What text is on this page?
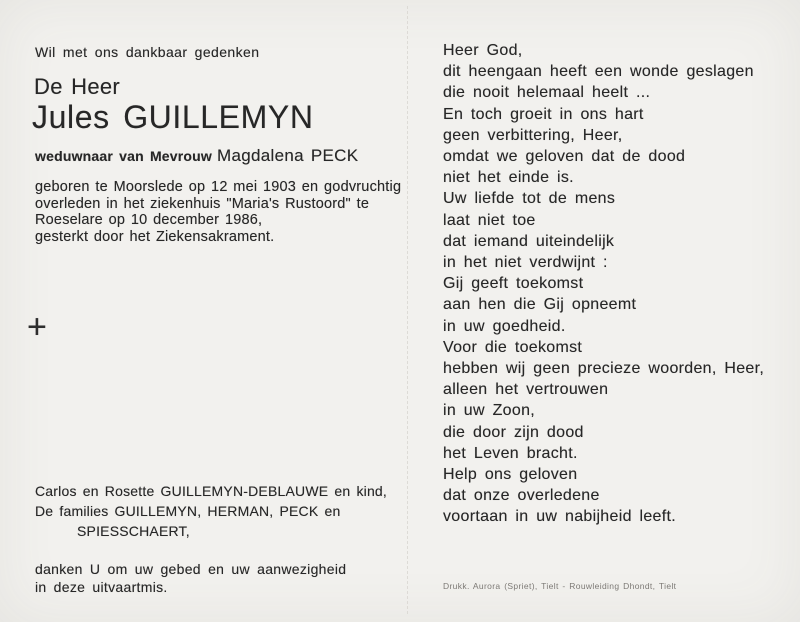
Wil met ons dankbaar gedenken
De Heer
Jules GUILLEMYN
weduwnaar van Mevrouw Magdalena PECK
geboren te Moorslede op 12 mei 1903 en godvruchtig
overleden in het ziekenhuis "Maria's Rustoord" te
Roeselare op 10 december 1986,
gesterkt door het Ziekensakrament.
+
Carlos en Rosette GUILLEMYN-DEBLAUWE en kind,
De families GUILLEMYN, HERMAN, PECK en
SPIESSCHAERT,
danken U om uw gebed en uw aanwezigheid
in deze uitvaartmis.
Heer God,
dit heengaan heeft een wonde geslagen
die nooit helemaal heelt ...
En toch groeit in ons hart
geen verbittering, Heer,
omdat we geloven dat de dood
niet het einde is.
Uw liefde tot de mens
laat niet toe
dat iemand uiteindelijk
in het niet verdwijnt :
Gij geeft toekomst
aan hen die Gij opneemt
in uw goedheid.
Voor die toekomst
hebben wij geen precieze woorden, Heer,
alleen het vertrouwen
in uw Zoon,
die door zijn dood
het Leven bracht.
Help ons geloven
dat onze overledene
voortaan in uw nabijheid leeft.
Drukk. Aurora (Spriet), Tielt - Rouwleiding Dhondt, Tielt
